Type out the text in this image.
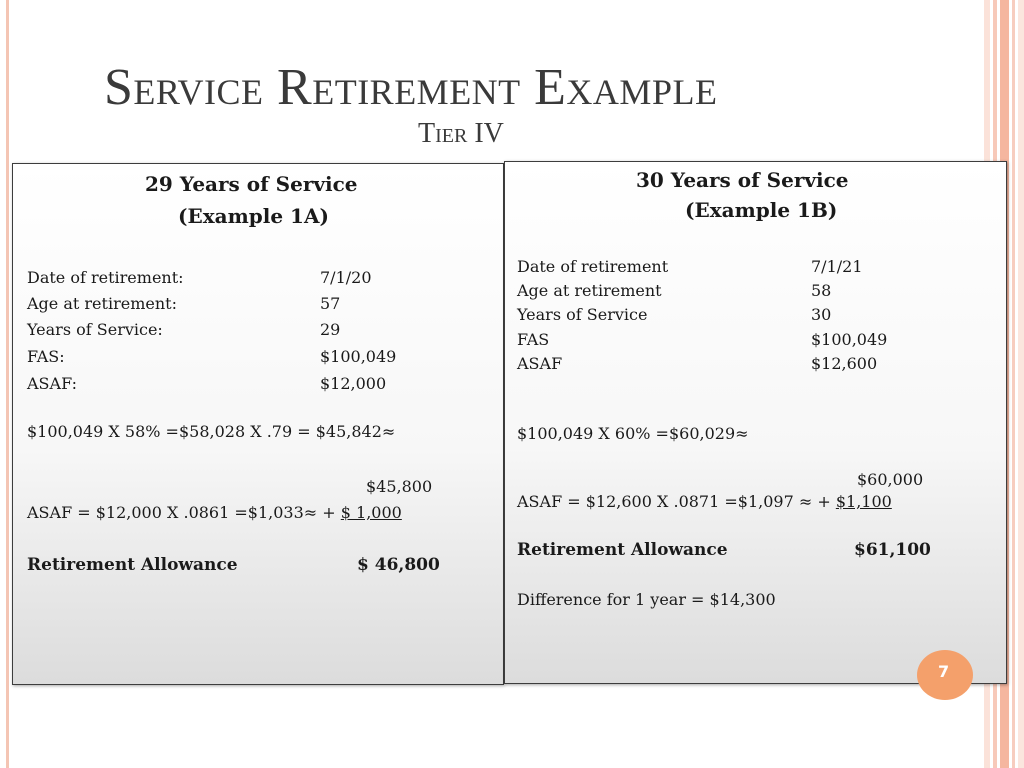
Service Retirement Example
Tier IV
29 Years of Service
(Example 1A)
Date of retirement:	7/1/20
Age at retirement:	57
Years of Service:	29
FAS:	$100,049
ASAF:	$12,000
$100,049 X 58% =$58,028 X .79 = $45,842≈
$45,800
ASAF = $12,000 X .0861 =$1,033≈ + $ 1,000
Retirement Allowance	$ 46,800
30 Years of Service
(Example 1B)
Date of retirement	7/1/21
Age at retirement	58
Years of Service	30
FAS	$100,049
ASAF	$12,600
$100,049 X 60% =$60,029≈
$60,000
ASAF = $12,600 X .0871 =$1,097 ≈ + $1,100
Retirement Allowance	$61,100
Difference for 1 year = $14,300
7
